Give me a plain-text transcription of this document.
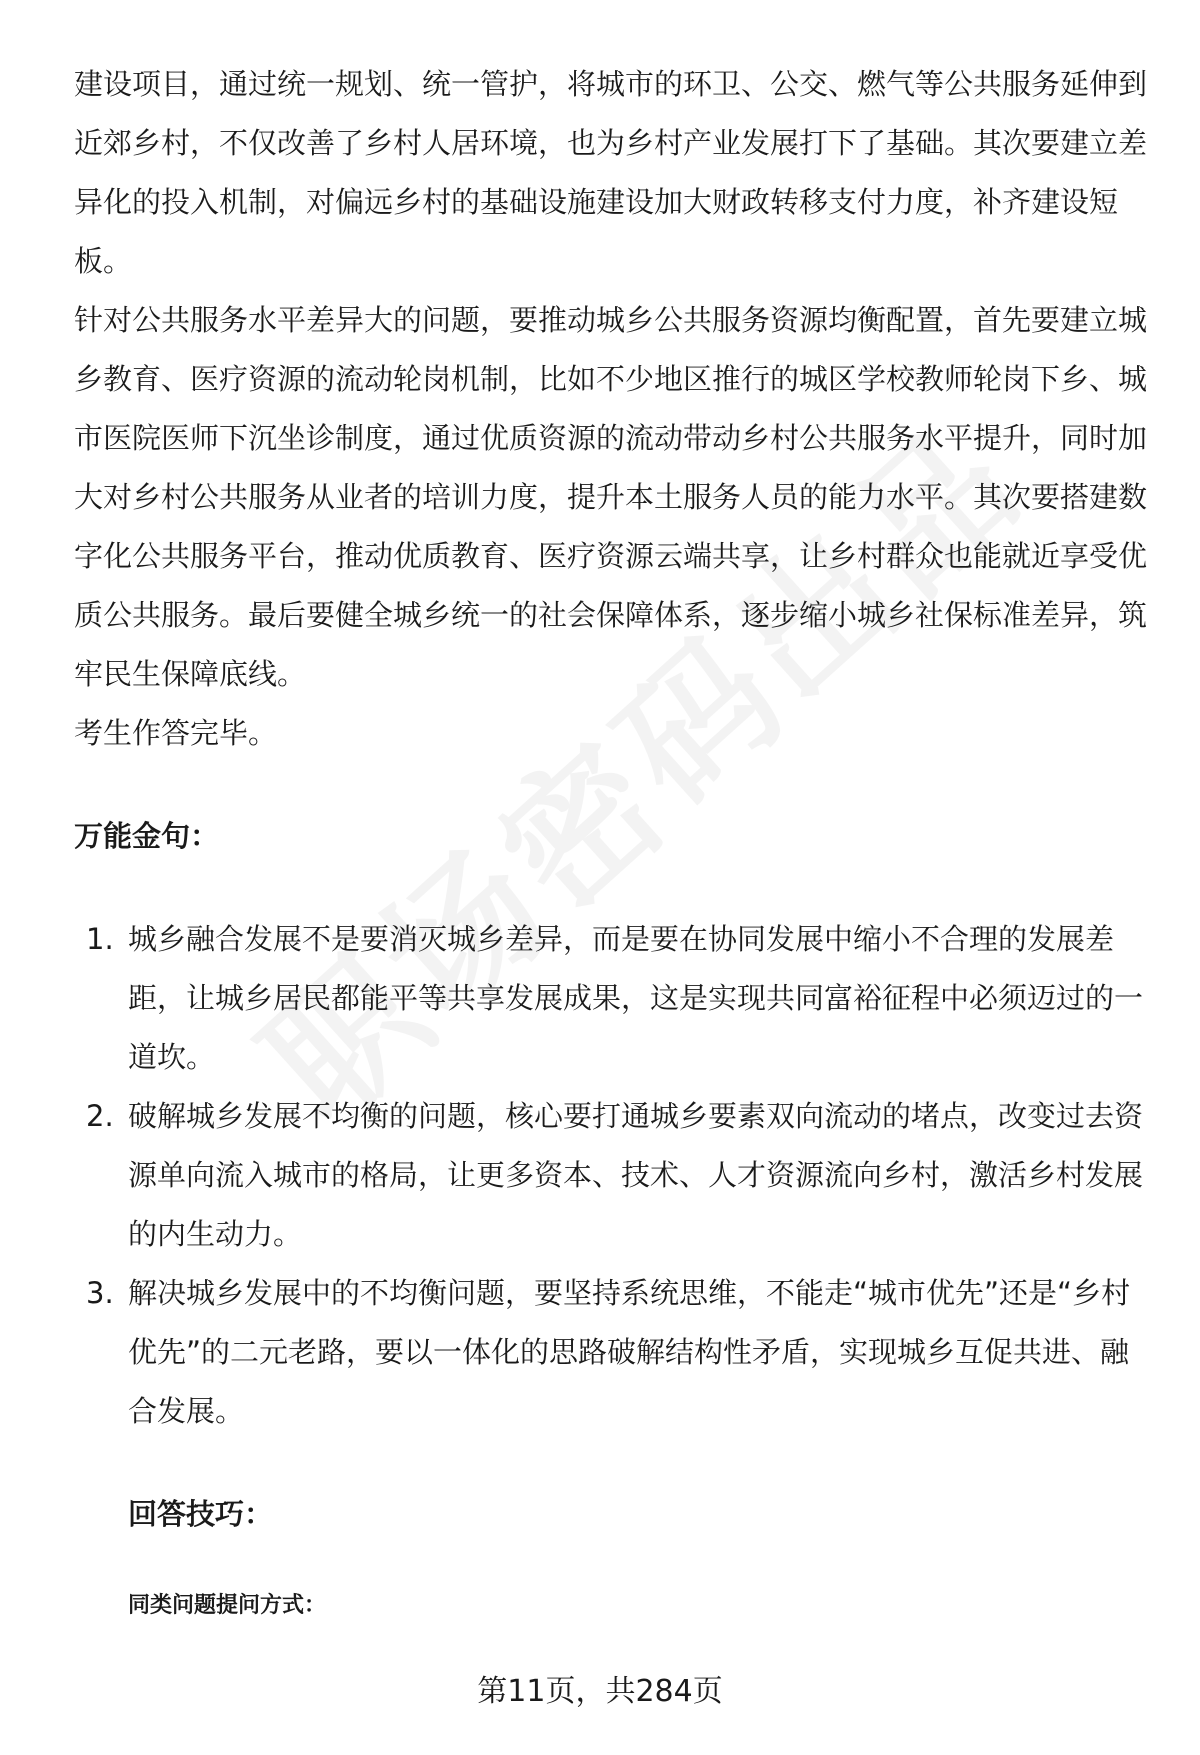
建设项目，通过统一规划、统一管护，将城市的环卫、公交、燃气等公共服务延伸到近郊乡村，不仅改善了乡村人居环境，也为乡村产业发展打下了基础。其次要建立差异化的投入机制，对偏远乡村的基础设施建设加大财政转移支付力度，补齐建设短板。

针对公共服务水平差异大的问题，要推动城乡公共服务资源均衡配置，首先要建立城乡教育、医疗资源的流动轮岗机制，比如不少地区推行的城区学校教师轮岗下乡、城市医院医师下沉坐诊制度，通过优质资源的流动带动乡村公共服务水平提升，同时加大对乡村公共服务从业者的培训力度，提升本土服务人员的能力水平。其次要搭建数字化公共服务平台，推动优质教育、医疗资源云端共享，让乡村群众也能就近享受优质公共服务。最后要健全城乡统一的社会保障体系，逐步缩小城乡社保标准差异，筑牢民生保障底线。

考生作答完毕。

万能金句：

1. 城乡融合发展不是要消灭城乡差异，而是要在协同发展中缩小不合理的发展差距，让城乡居民都能平等共享发展成果，这是实现共同富裕征程中必须迈过的一道坎。
2. 破解城乡发展不均衡的问题，核心要打通城乡要素双向流动的堵点，改变过去资源单向流入城市的格局，让更多资本、技术、人才资源流向乡村，激活乡村发展的内生动力。
3. 解决城乡发展中的不均衡问题，要坚持系统思维，不能走“城市优先”还是“乡村优先”的二元老路，要以一体化的思路破解结构性矛盾，实现城乡互促共进、融合发展。

回答技巧：

同类问题提问方式：

第11页，共284页
